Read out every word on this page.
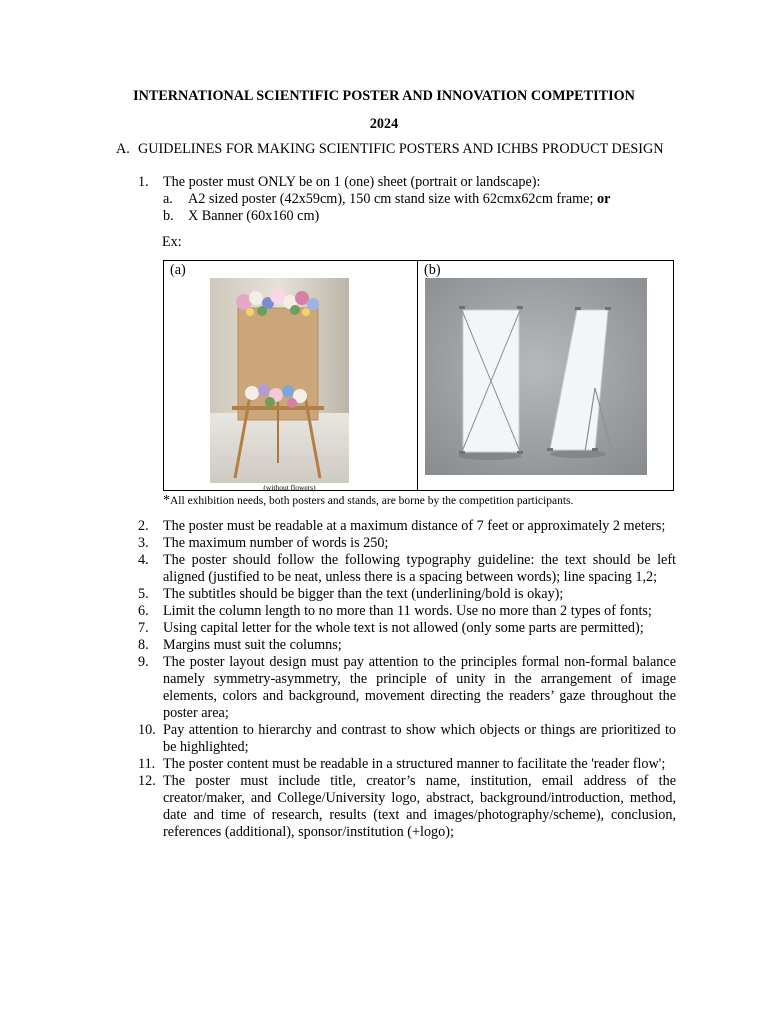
INTERNATIONAL SCIENTIFIC POSTER AND INNOVATION COMPETITION
2024
A. GUIDELINES FOR MAKING SCIENTIFIC POSTERS AND ICHBS PRODUCT DESIGN
1. The poster must ONLY be on 1 (one) sheet (portrait or landscape):
a. A2 sized poster (42x59cm), 150 cm stand size with 62cmx62cm frame; or
b. X Banner (60x160 cm)
Ex:
(a)	(b)
(without flowers)
*All exhibition needs, both posters and stands, are borne by the competition participants.
2.	The poster must be readable at a maximum distance of 7 feet or approximately 2 meters;
3.	The maximum number of words is 250;
4.	The poster should follow the following typography guideline: the text should be left aligned (justified to be neat, unless there is a spacing between words); line spacing 1,2;
5.	The subtitles should be bigger than the text (underlining/bold is okay);
6.	Limit the column length to no more than 11 words. Use no more than 2 types of fonts;
7.	Using capital letter for the whole text is not allowed (only some parts are permitted);
8.	Margins must suit the columns;
9.	The poster layout design must pay attention to the principles formal non-formal balance namely symmetry-asymmetry, the principle of unity in the arrangement of image elements, colors and background, movement directing the readers’ gaze throughout the poster area;
10. Pay attention to hierarchy and contrast to show which objects or things are prioritized to be highlighted;
11. The poster content must be readable in a structured manner to facilitate the 'reader flow';
12. The poster must include title, creator’s name, institution, email address of the creator/maker, and College/University logo, abstract, background/introduction, method, date and time of research, results (text and images/photography/scheme), conclusion, references (additional), sponsor/institution (+logo);
